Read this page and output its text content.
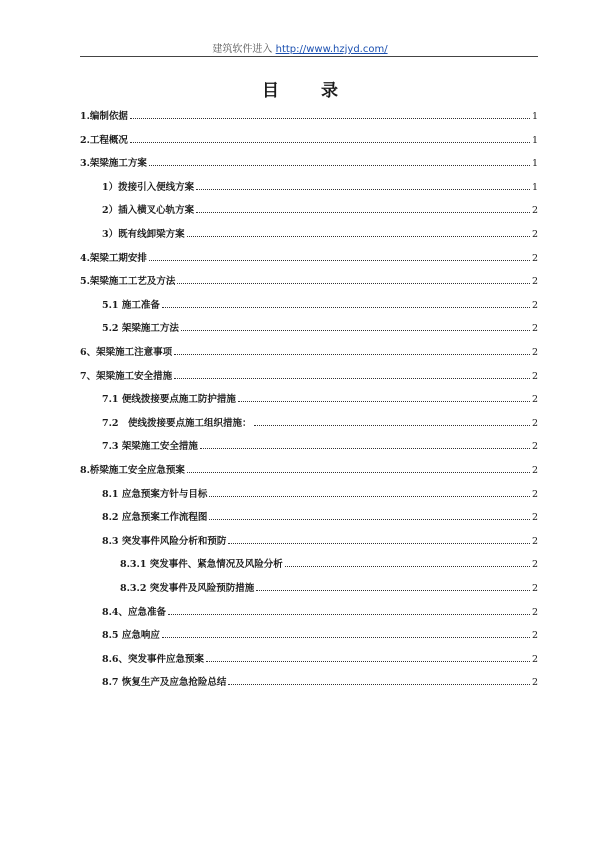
建筑软件进入 http://www.hzjyd.com/
目 录
1.编制依据	1
2.工程概况	1
3.架梁施工方案	1
1）拨接引入便线方案	1
2）插入横叉心轨方案	2
3）既有线卸梁方案	2
4.架梁工期安排	2
5.架梁施工工艺及方法	2
5.1 施工准备	2
5.2 架梁施工方法	2
6、架梁施工注意事项	2
7、架梁施工安全措施	2
7.1 便线拨接要点施工防护措施	2
7.2　使线拨接要点施工组织措施：	2
7.3 架梁施工安全措施	2
8.桥梁施工安全应急预案	2
8.1 应急预案方针与目标	2
8.2 应急预案工作流程图	2
8.3 突发事件风险分析和预防	2
8.3.1 突发事件、紧急情况及风险分析	2
8.3.2 突发事件及风险预防措施	2
8.4、应急准备	2
8.5 应急响应	2
8.6、突发事件应急预案	2
8.7 恢复生产及应急抢险总结	2
